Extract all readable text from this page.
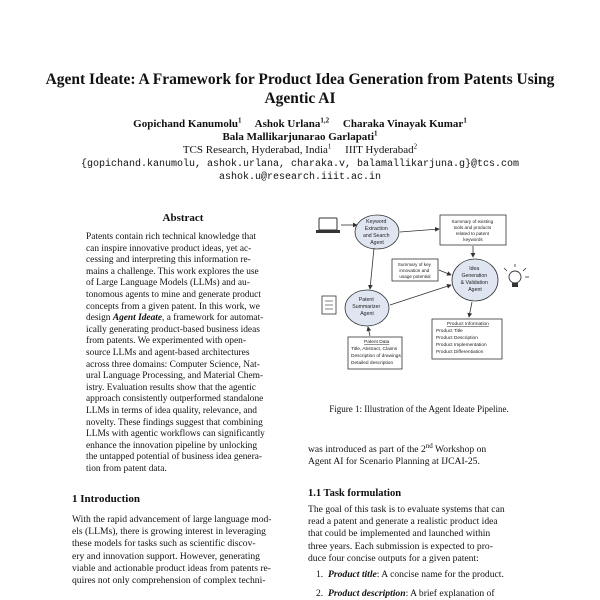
Agent Ideate: A Framework for Product Idea Generation from Patents Using Agentic AI
Gopichand Kanumolu$^1$ Ashok Urlana$^{1,2}$ Charaka Vinayak Kumar$^1$
Bala Mallikarjunarao Garlapati$^1$
TCS Research, Hyderabad, India$^1$ IIIT Hyderabad$^2$
{gopichand.kanumolu, ashok.urlana, charaka.v, balamallikarjuna.g}@tcs.com
ashok.u@research.iiit.ac.in
Abstract
Patents contain rich technical knowledge that
can inspire innovative product ideas, yet ac-
cessing and interpreting this information re-
mains a challenge. This work explores the use
of Large Language Models (LLMs) and au-
tonomous agents to mine and generate product
concepts from a given patent. In this work, we
design Agent Ideate, a framework for automat-
ically generating product-based business ideas
from patents. We experimented with open-
source LLMs and agent-based architectures
across three domains: Computer Science, Nat-
ural Language Processing, and Material Chem-
istry. Evaluation results show that the agentic
approach consistently outperformed standalone
LLMs in terms of idea quality, relevance, and
novelty. These findings suggest that combining
LLMs with agentic workflows can significantly
enhance the innovation pipeline by unlocking
the untapped potential of business idea genera-
tion from patent data.
1 Introduction
With the rapid advancement of large language mod-
els (LLMs), there is growing interest in leveraging
these models for tasks such as scientific discov-
ery and innovation support. However, generating
viable and actionable product ideas from patents re-
quires not only comprehension of complex techni-
Keyword Extraction and Search Agent
Summary of existing tools and products related to patent keywords
Summary of key innovation and usage potential
Idea Generation & Validation Agent
Patent Summarizer Agent
Patent Data Title, Abstract, Claims Description of drawings Detailed description
Product Information Product Title Product Description Product Implementation Product Differentiation
Figure 1: Illustration of the Agent Ideate Pipeline.
was introduced as part of the 2nd Workshop on
Agent AI for Scenario Planning at IJCAI-25.
1.1 Task formulation
The goal of this task is to evaluate systems that can
read a patent and generate a realistic product idea
that could be implemented and launched within
three years. Each submission is expected to pro-
duce four concise outputs for a given patent:
1. Product title: A concise name for the product.
2. Product description: A brief explanation of
